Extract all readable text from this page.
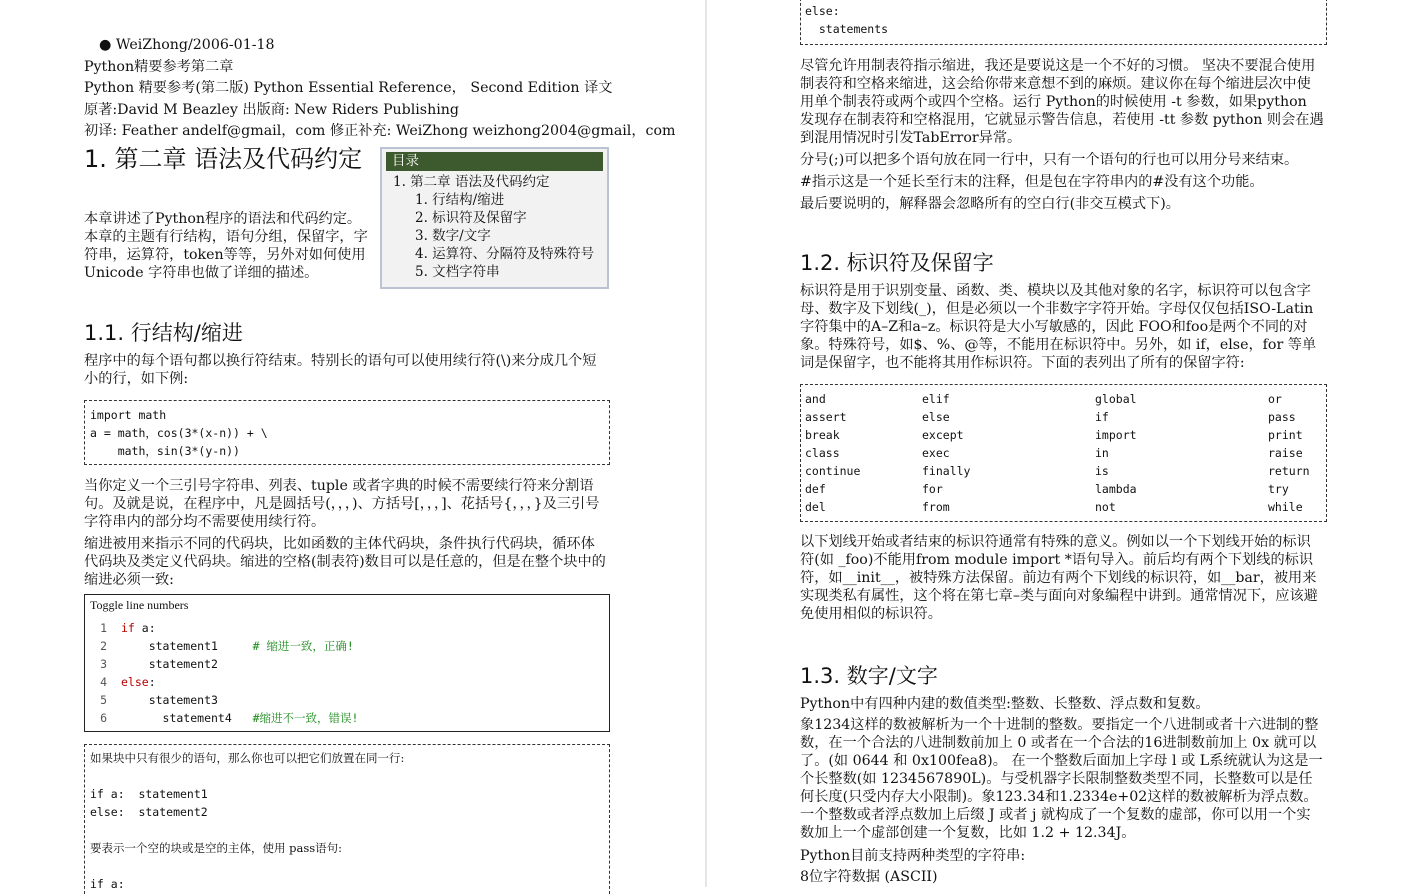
● WeiZhong/2006-01-18
Python精要参考第二章
Python 精要参考(第二版) Python Essential Reference， Second Edition 译文
原著:David M Beazley 出版商: New Riders Publishing
初译: Feather andelf@gmail，com 修正补充: WeiZhong weizhong2004@gmail，com
1. 第二章 语法及代码约定

本章讲述了Python程序的语法和代码约定。本章的主题有行结构，语句分组，保留字，字符串，运算符，token等等，另外对如何使用Unicode 字符串也做了详细的描述。

目录
1. 第二章 语法及代码约定
1. 行结构/缩进
2. 标识符及保留字
3. 数字/文字
4. 运算符、分隔符及特殊符号
5. 文档字符串
1.1. 行结构/缩进

程序中的每个语句都以换行符结束。特别长的语句可以使用续行符(\)来分成几个短小的行，如下例:

import math
a = math，cos(3*(x-n)) + \
math，sin(3*(y-n))

当你定义一个三引号字符串、列表、tuple 或者字典的时候不需要续行符来分割语句。及就是说，在程序中，凡是圆括号(，，，)、方括号[，，，]、花括号{，，，}及三引号字符串内的部分均不需要使用续行符。

缩进被用来指示不同的代码块，比如函数的主体代码块，条件执行代码块，循环体代码块及类定义代码块。缩进的空格(制表符)数目可以是任意的，但是在整个块中的缩进必须一致:

Toggle line numbers
1 if a:
2    statement1     # 缩进一致，正确!
3    statement2
4 else:
5    statement3
6      statement4   #缩进不一致，错误!
如果块中只有很少的语句，那么你也可以把它们放置在同一行:
if a:  statement1
else:  statement2
要表示一个空的块或是空的主体，使用 pass语句:
if a:
else:
statements

尽管允许用制表符指示缩进，我还是要说这是一个不好的习惯。 坚决不要混合使用制表符和空格来缩进，这会给你带来意想不到的麻烦。建议你在每个缩进层次中使用单个制表符或两个或四个空格。运行 Python的时候使用 -t 参数，如果python 发现存在制表符和空格混用，它就显示警告信息，若使用 -tt 参数 python 则会在遇到混用情况时引发TabError异常。

分号(;)可以把多个语句放在同一行中，只有一个语句的行也可以用分号来结束。

#指示这是一个延长至行末的注释，但是包在字符串内的#没有这个功能。

最后要说明的，解释器会忽略所有的空白行(非交互模式下)。

1.2. 标识符及保留字

标识符是用于识别变量、函数、类、模块以及其他对象的名字，标识符可以包含字母、数字及下划线(_)，但是必须以一个非数字字符开始。字母仅仅包括ISO-Latin字符集中的A–Z和a–z。标识符是大小写敏感的，因此 FOO和foo是两个不同的对象。特殊符号，如$、%、@等，不能用在标识符中。另外，如 if，else，for 等单词是保留字，也不能将其用作标识符。下面的表列出了所有的保留字符:

and	elif	global	or
assert	else	if	pass
break	except	import	print
class	exec	in	raise
continue	finally	is	return
def	for	lambda	try
del	from	not	while

以下划线开始或者结束的标识符通常有特殊的意义。例如以一个下划线开始的标识符(如 _foo)不能用from module import *语句导入。前后均有两个下划线的标识符，如__init__，被特殊方法保留。前边有两个下划线的标识符，如__bar，被用来实现类私有属性，这个将在第七章–类与面向对象编程中讲到。通常情况下，应该避免使用相似的标识符。

1.3. 数字/文字

Python中有四种内建的数值类型:整数、长整数、浮点数和复数。

象1234这样的数被解析为一个十进制的整数。要指定一个八进制或者十六进制的整数，在一个合法的八进制数前加上 0 或者在一个合法的16进制数前加上 0x 就可以了。(如 0644 和 0x100fea8)。 在一个整数后面加上字母 l 或 L系统就认为这是一个长整数(如 1234567890L)。与受机器字长限制整数类型不同，长整数可以是任何长度(只受内存大小限制)。象123.34和1.2334e+02这样的数被解析为浮点数。一个整数或者浮点数加上后缀 J 或者 j 就构成了一个复数的虚部，你可以用一个实数加上一个虚部创建一个复数，比如 1.2 + 12.34J。

Python目前支持两种类型的字符串:

8位字符数据 (ASCII)
